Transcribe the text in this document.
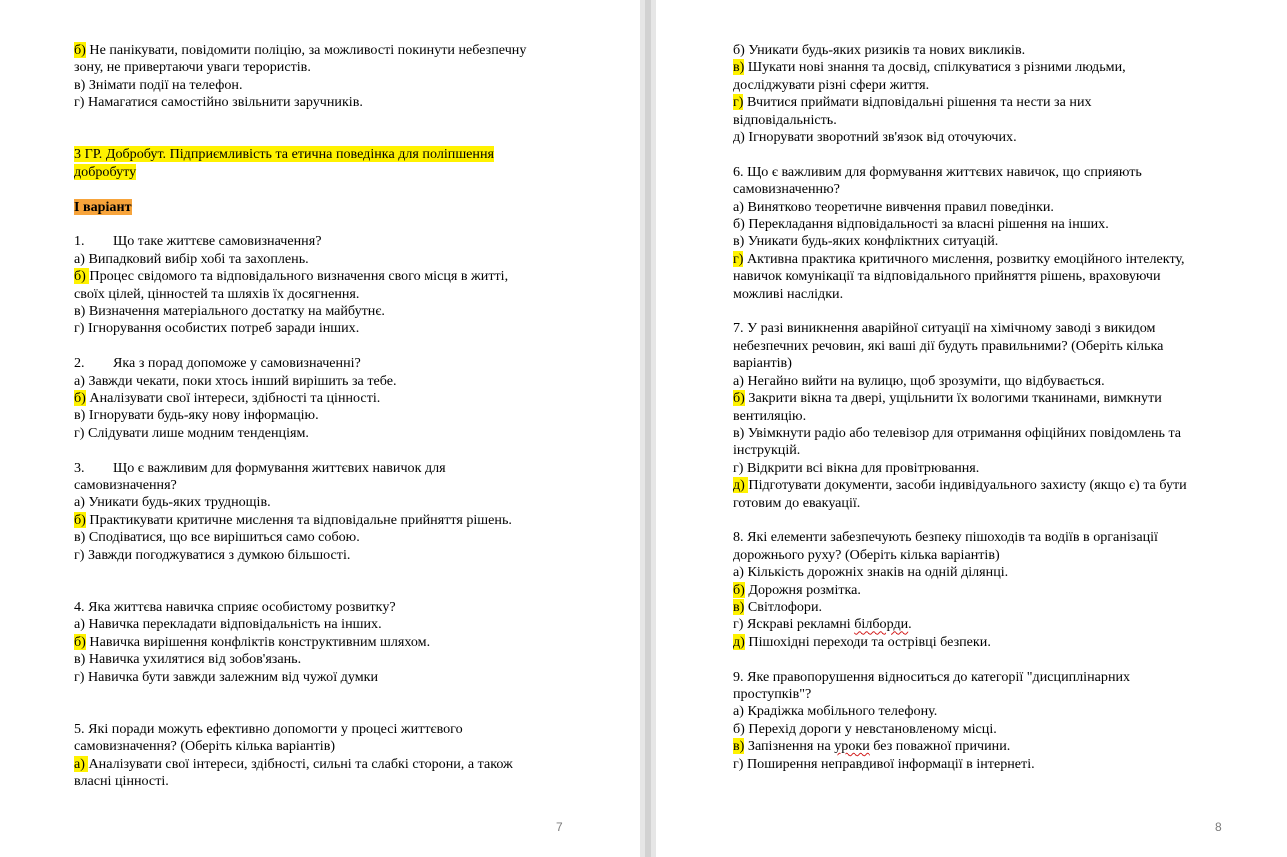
б) Не панікувати, повідомити поліцію, за можливості покинути небезпечну
зону, не привертаючи уваги терористів.
в) Знімати події на телефон.
г) Намагатися самостійно звільнити заручників.
3 ГР. Добробут. Підприємливість та етична поведінка для поліпшення
добробуту
І варіант
1. Що таке життєве самовизначення?
а) Випадковий вибір хобі та захоплень.
б) Процес свідомого та відповідального визначення свого місця в житті,
своїх цілей, цінностей та шляхів їх досягнення.
в) Визначення матеріального достатку на майбутнє.
г) Ігнорування особистих потреб заради інших.
2. Яка з порад допоможе у самовизначенні?
а) Завжди чекати, поки хтось інший вирішить за тебе.
б) Аналізувати свої інтереси, здібності та цінності.
в) Ігнорувати будь-яку нову інформацію.
г) Слідувати лише модним тенденціям.
3. Що є важливим для формування життєвих навичок для
самовизначення?
а) Уникати будь-яких труднощів.
б) Практикувати критичне мислення та відповідальне прийняття рішень.
в) Сподіватися, що все вирішиться само собою.
г) Завжди погоджуватися з думкою більшості.
4. Яка життєва навичка сприяє особистому розвитку?
а) Навичка перекладати відповідальність на інших.
б) Навичка вирішення конфліктів конструктивним шляхом.
в) Навичка ухилятися від зобов'язань.
г) Навичка бути завжди залежним від чужої думки
5. Які поради можуть ефективно допомогти у процесі життєвого
самовизначення? (Оберіть кілька варіантів)
а) Аналізувати свої інтереси, здібності, сильні та слабкі сторони, а також
власні цінності.
7
б) Уникати будь-яких ризиків та нових викликів.
в) Шукати нові знання та досвід, спілкуватися з різними людьми,
досліджувати різні сфери життя.
г) Вчитися приймати відповідальні рішення та нести за них
відповідальність.
д) Ігнорувати зворотний зв'язок від оточуючих.
6. Що є важливим для формування життєвих навичок, що сприяють
самовизначенню?
а) Винятково теоретичне вивчення правил поведінки.
б) Перекладання відповідальності за власні рішення на інших.
в) Уникати будь-яких конфліктних ситуацій.
г) Активна практика критичного мислення, розвитку емоційного інтелекту,
навичок комунікації та відповідального прийняття рішень, враховуючи
можливі наслідки.
7. У разі виникнення аварійної ситуації на хімічному заводі з викидом
небезпечних речовин, які ваші дії будуть правильними? (Оберіть кілька
варіантів)
а) Негайно вийти на вулицю, щоб зрозуміти, що відбувається.
б) Закрити вікна та двері, ущільнити їх вологими тканинами, вимкнути
вентиляцію.
в) Увімкнути радіо або телевізор для отримання офіційних повідомлень та
інструкцій.
г) Відкрити всі вікна для провітрювання.
д) Підготувати документи, засоби індивідуального захисту (якщо є) та бути
готовим до евакуації.
8. Які елементи забезпечують безпеку пішоходів та водіїв в організації
дорожнього руху? (Оберіть кілька варіантів)
а) Кількість дорожніх знаків на одній ділянці.
б) Дорожня розмітка.
в) Світлофори.
г) Яскраві рекламні білборди.
д) Пішохідні переходи та острівці безпеки.
9. Яке правопорушення відноситься до категорії "дисциплінарних
проступків"?
а) Крадіжка мобільного телефону.
б) Перехід дороги у невстановленому місці.
в) Запізнення на уроки без поважної причини.
г) Поширення неправдивої інформації в інтернеті.
8
